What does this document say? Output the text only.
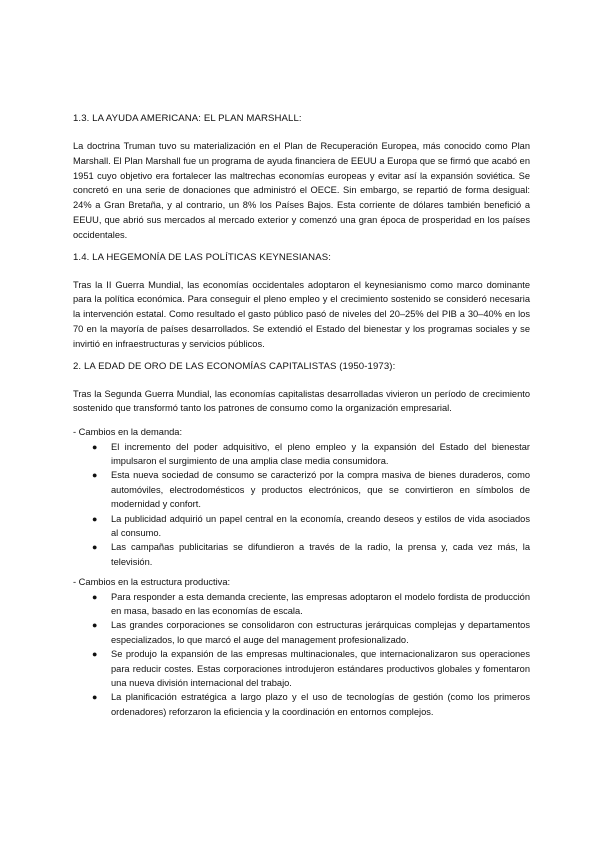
1.3. LA AYUDA AMERICANA: EL PLAN MARSHALL:

La doctrina Truman tuvo su materialización en el Plan de Recuperación Europea, más conocido como Plan Marshall. El Plan Marshall fue un programa de ayuda financiera de EEUU a Europa que se firmó que acabó en 1951 cuyo objetivo era fortalecer las maltrechas economías europeas y evitar así la expansión soviética. Se concretó en una serie de donaciones que administró el OECE. Sin embargo, se repartió de forma desigual: 24% a Gran Bretaña, y al contrario, un 8% los Países Bajos. Esta corriente de dólares también benefició a EEUU, que abrió sus mercados al mercado exterior y comenzó una gran época de prosperidad en los países occidentales.

1.4. LA HEGEMONÍA DE LAS POLÍTICAS KEYNESIANAS:

Tras la II Guerra Mundial, las economías occidentales adoptaron el keynesianismo como marco dominante para la política económica. Para conseguir el pleno empleo y el crecimiento sostenido se consideró necesaria la intervención estatal. Como resultado el gasto público pasó de niveles del 20–25% del PIB a 30–40% en los 70 en la mayoría de países desarrollados. Se extendió el Estado del bienestar y los programas sociales y se invirtió en infraestructuras y servicios públicos.

2. LA EDAD DE ORO DE LAS ECONOMÍAS CAPITALISTAS (1950-1973):

Tras la Segunda Guerra Mundial, las economías capitalistas desarrolladas vivieron un período de crecimiento sostenido que transformó tanto los patrones de consumo como la organización empresarial.

- Cambios en la demanda:
● El incremento del poder adquisitivo, el pleno empleo y la expansión del Estado del bienestar impulsaron el surgimiento de una amplia clase media consumidora.
● Esta nueva sociedad de consumo se caracterizó por la compra masiva de bienes duraderos, como automóviles, electrodomésticos y productos electrónicos, que se convirtieron en símbolos de modernidad y confort.
● La publicidad adquirió un papel central en la economía, creando deseos y estilos de vida asociados al consumo.
● Las campañas publicitarias se difundieron a través de la radio, la prensa y, cada vez más, la televisión.
- Cambios en la estructura productiva:
● Para responder a esta demanda creciente, las empresas adoptaron el modelo fordista de producción en masa, basado en las economías de escala.
● Las grandes corporaciones se consolidaron con estructuras jerárquicas complejas y departamentos especializados, lo que marcó el auge del management profesionalizado.
● Se produjo la expansión de las empresas multinacionales, que internacionalizaron sus operaciones para reducir costes. Estas corporaciones introdujeron estándares productivos globales y fomentaron una nueva división internacional del trabajo.
● La planificación estratégica a largo plazo y el uso de tecnologías de gestión (como los primeros ordenadores) reforzaron la eficiencia y la coordinación en entornos complejos.
